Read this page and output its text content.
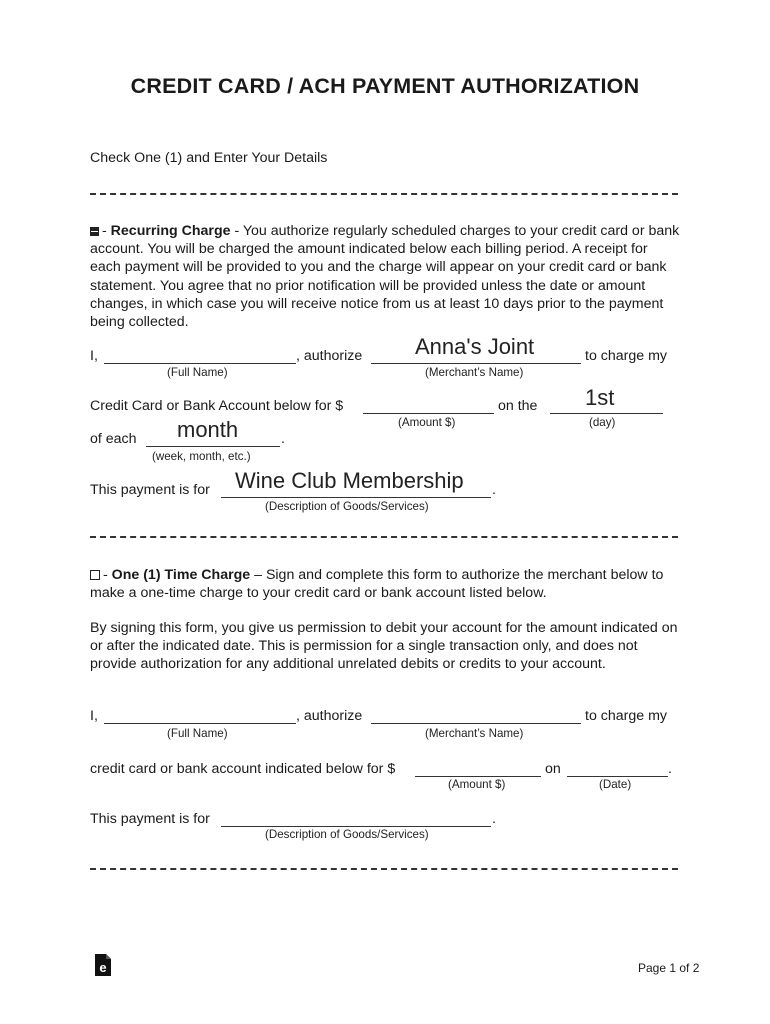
CREDIT CARD / ACH PAYMENT AUTHORIZATION
Check One (1) and Enter Your Details
- Recurring Charge - You authorize regularly scheduled charges to your credit card or bank account. You will be charged the amount indicated below each billing period. A receipt for each payment will be provided to you and the charge will appear on your credit card or bank statement. You agree that no prior notification will be provided unless the date or amount changes, in which case you will receive notice from us at least 10 days prior to the payment being collected.
I,	, authorize Anna's Joint	to charge my
(Full Name)	(Merchant’s Name)
Credit Card or Bank Account below for $	on the 1st
(Amount $)	(day)
of each month	.
(week, month, etc.)
This payment is for Wine Club Membership .
(Description of Goods/Services)
- One (1) Time Charge – Sign and complete this form to authorize the merchant below to make a one-time charge to your credit card or bank account listed below.
By signing this form, you give us permission to debit your account for the amount indicated on or after the indicated date. This is permission for a single transaction only, and does not provide authorization for any additional unrelated debits or credits to your account.
I,	, authorize	to charge my
(Full Name)	(Merchant’s Name)
credit card or bank account indicated below for $	on	.
(Amount $)	(Date)
This payment is for	.
(Description of Goods/Services)
e	Page 1 of 2
